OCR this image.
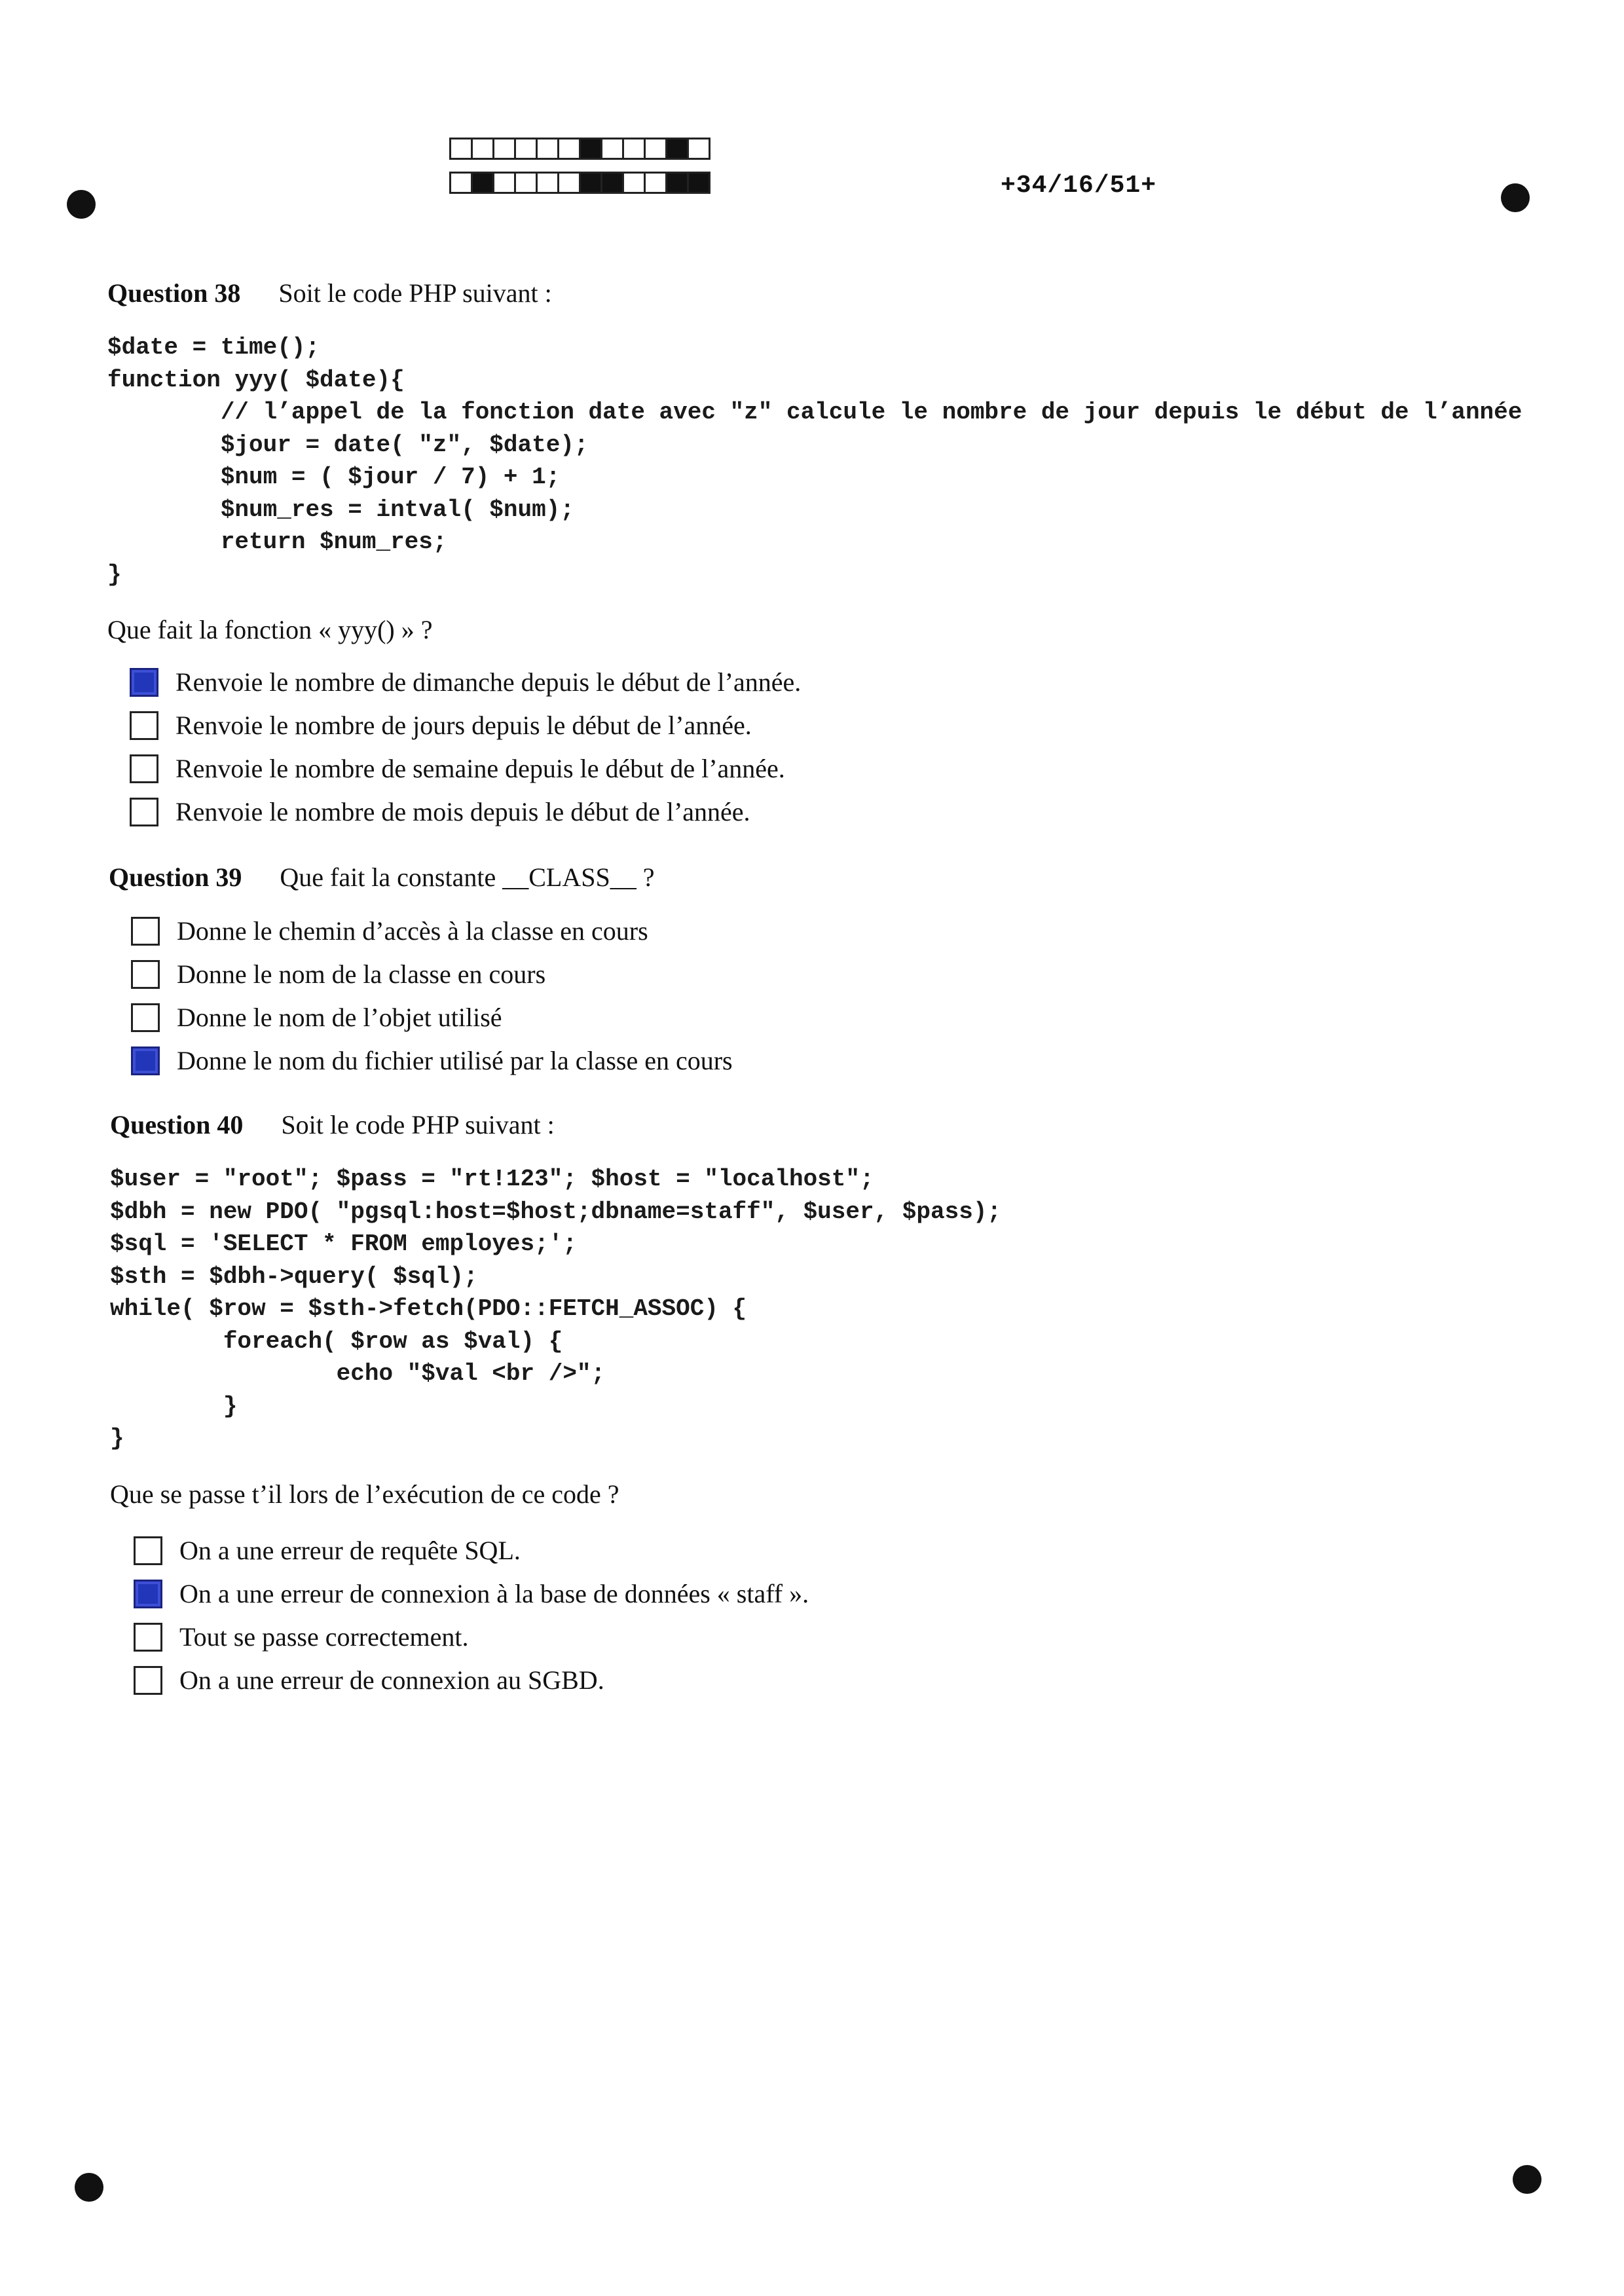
+34/16/51+
Question 38 Soit le code PHP suivant :
$date = time();
function yyy( $date){
// l’appel de la fonction date avec "z" calcule le nombre de jour depuis le début de l’année
$jour = date( "z", $date);
$num = ( $jour / 7) + 1;
$num_res = intval( $num);
return $num_res;
}
Que fait la fonction « yyy() » ?
Renvoie le nombre de dimanche depuis le début de l’année.
Renvoie le nombre de jours depuis le début de l’année.
Renvoie le nombre de semaine depuis le début de l’année.
Renvoie le nombre de mois depuis le début de l’année.
Question 39 Que fait la constante __CLASS__ ?
Donne le chemin d’accès à la classe en cours
Donne le nom de la classe en cours
Donne le nom de l’objet utilisé
Donne le nom du fichier utilisé par la classe en cours
Question 40 Soit le code PHP suivant :
$user = "root"; $pass = "rt!123"; $host = "localhost";
$dbh = new PDO( "pgsql:host=$host;dbname=staff", $user, $pass);
$sql = 'SELECT * FROM employes;';
$sth = $dbh->query( $sql);
while( $row = $sth->fetch(PDO::FETCH_ASSOC) {
foreach( $row as $val) {
echo "$val <br />";
}
}
Que se passe t’il lors de l’exécution de ce code ?
On a une erreur de requête SQL.
On a une erreur de connexion à la base de données « staff ».
Tout se passe correctement.
On a une erreur de connexion au SGBD.
